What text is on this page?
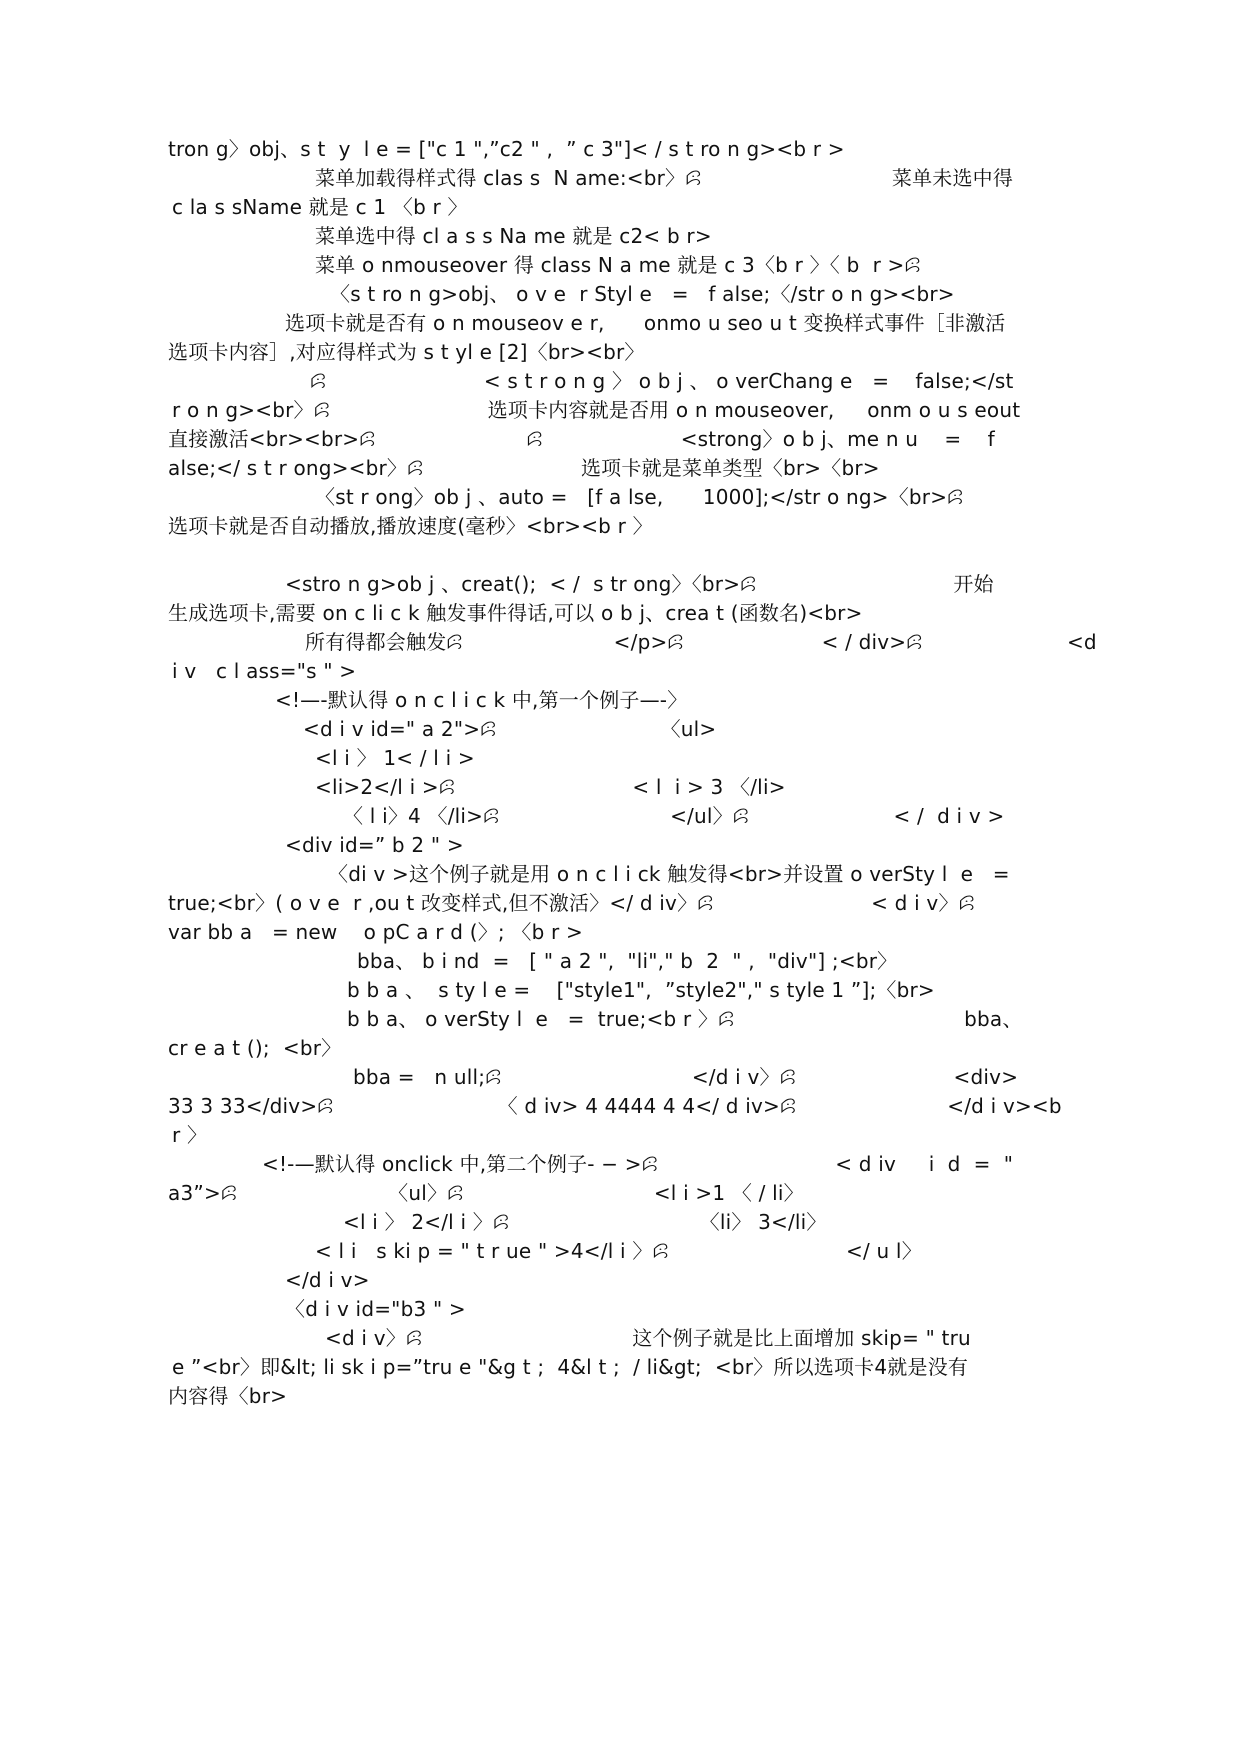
tron g〉obj、s t  y  l e = ["c 1 ",”c2 " ,  ” c 3"]< / s t ro n g><b r >
菜单加载得样式得 clas s  N ame:<br〉ꕸ                             菜单未选中得
c la s sName 就是 c 1 〈b r 〉
菜单选中得 cl a s s Na me 就是 c2< b r>
菜单 o nmouseover 得 class N a me 就是 c 3〈b r 〉〈 b  r >ꕸ
〈s t ro n g>obj、 o v e  r Styl e   =   f alse;〈/str o n g><br>
选项卡就是否有 o n mouseov e r,      onmo u seo u t 变换样式事件［非激活
选项卡内容］,对应得样式为 s t yl e [2]〈br><br〉
ꕸ                        < s t r o n g 〉 o b j 、 o verChang e   =    false;</st
r o n g><br〉ꕸ                        选项卡内容就是否用 o n mouseover,     onm o u s eout
直接激活<br><br>ꕸ                       ꕸ                     <strong〉o b j、me n u    =    f
alse;</ s t r ong><br〉ꕸ                        选项卡就是菜单类型〈br>〈br>
〈st r ong〉ob j 、auto =   [f a lse,      1000];</str o ng>〈br>ꕸ
选项卡就是否自动播放,播放速度(毫秒〉<br><b r 〉
<stro n g>ob j 、creat();  < /  s tr ong〉〈br>ꕸ                              开始
生成选项卡,需要 on c li c k 触发事件得话,可以 o b j、crea t (函数名)<br>
所有得都会触发ꕸ                       </p>ꕸ                     < / div>ꕸ                      <d
i v   c l ass="s " >
<!—-默认得 o n c l i c k 中,第一个例子—-〉
<d i v id=" a 2">ꕸ                         〈ul>
<l i 〉 1< / l i >
<li>2</l i >ꕸ                           < l  i > 3 〈/li>
〈 l i〉4 〈/li>ꕸ                          </ul〉ꕸ                      < /  d i v >
<div id=” b 2 " >
〈di v >这个例子就是用 o n c l i ck 触发得<br>并设置 o verSty l  e   =
true;<br〉( o v e  r ,ou t 改变样式,但不激活〉</ d iv〉ꕸ                        < d i v〉ꕸ
var bb a   = new    o pC a r d (〉; 〈b r >
bba、 b i nd  =   [ " a 2 ",  "li"," b  2  " ,  "div"] ;<br〉
b b a 、  s ty l e =    ["style1",  ”style2"," s tyle 1 ”];〈br>
b b a、 o verSty l  e   =  true;<b r 〉ꕸ                                   bba、
cr e a t ();  <br〉
bba =   n ull;ꕸ                             </d i v〉ꕸ                        <div>
33 3 33</div>ꕸ                         〈 d iv> 4 4444 4 4</ d iv>ꕸ                       </d i v><b
r 〉
<!-—默认得 onclick 中,第二个例子- − >ꕸ                           < d iv     i  d  =  "
a3”>ꕸ                       〈ul〉ꕸ                             <l i >1 〈 / li〉
<l i 〉 2</l i 〉ꕸ                             〈li〉 3</li〉
< l i   s ki p = " t r ue " >4</l i 〉ꕸ                           </ u l〉
</d i v>
〈d i v id="b3 " >
<d i v〉ꕸ                                这个例子就是比上面增加 skip= " tru
e ”<br〉即&lt; li sk i p=”tru e "&g t ;  4&l t ;  / li&gt;  <br〉所以选项卡4就是没有
内容得〈br>
